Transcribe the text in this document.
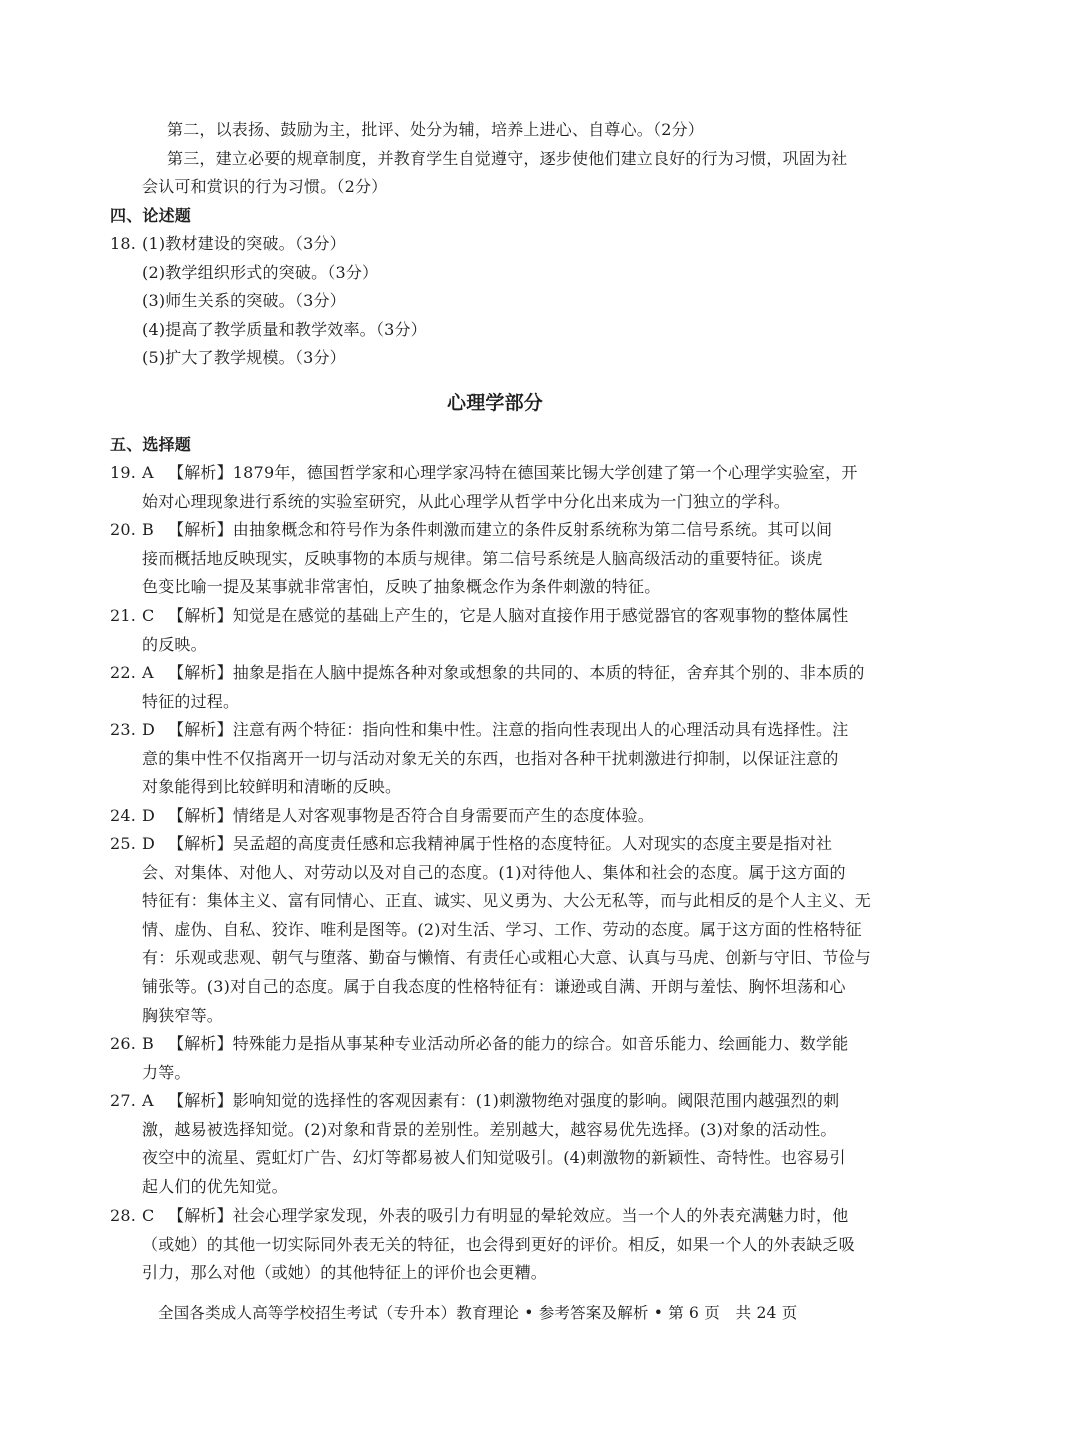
第二，以表扬、鼓励为主，批评、处分为辅，培养上进心、自尊心。（2分）
第三，建立必要的规章制度，并教育学生自觉遵守，逐步使他们建立良好的行为习惯，巩固为社
会认可和赏识的行为习惯。（2分）
四、论述题
18. (1)教材建设的突破。（3分）
(2)教学组织形式的突破。（3分）
(3)师生关系的突破。（3分）
(4)提高了教学质量和教学效率。（3分）
(5)扩大了教学规模。（3分）
心理学部分
五、选择题
19. A 【解析】1879年，德国哲学家和心理学家冯特在德国莱比锡大学创建了第一个心理学实验室，开
始对心理现象进行系统的实验室研究，从此心理学从哲学中分化出来成为一门独立的学科。
20. B 【解析】由抽象概念和符号作为条件刺激而建立的条件反射系统称为第二信号系统。其可以间
接而概括地反映现实，反映事物的本质与规律。第二信号系统是人脑高级活动的重要特征。谈虎
色变比喻一提及某事就非常害怕，反映了抽象概念作为条件刺激的特征。
21. C 【解析】知觉是在感觉的基础上产生的，它是人脑对直接作用于感觉器官的客观事物的整体属性
的反映。
22. A 【解析】抽象是指在人脑中提炼各种对象或想象的共同的、本质的特征，舍弃其个别的、非本质的
特征的过程。
23. D 【解析】注意有两个特征：指向性和集中性。注意的指向性表现出人的心理活动具有选择性。注
意的集中性不仅指离开一切与活动对象无关的东西，也指对各种干扰刺激进行抑制，以保证注意的
对象能得到比较鲜明和清晰的反映。
24. D 【解析】情绪是人对客观事物是否符合自身需要而产生的态度体验。
25. D 【解析】吴孟超的高度责任感和忘我精神属于性格的态度特征。人对现实的态度主要是指对社
会、对集体、对他人、对劳动以及对自己的态度。(1)对待他人、集体和社会的态度。属于这方面的
特征有：集体主义、富有同情心、正直、诚实、见义勇为、大公无私等，而与此相反的是个人主义、无
情、虚伪、自私、狡诈、唯利是图等。(2)对生活、学习、工作、劳动的态度。属于这方面的性格特征
有：乐观或悲观、朝气与堕落、勤奋与懒惰、有责任心或粗心大意、认真与马虎、创新与守旧、节俭与
铺张等。(3)对自己的态度。属于自我态度的性格特征有：谦逊或自满、开朗与羞怯、胸怀坦荡和心
胸狭窄等。
26. B 【解析】特殊能力是指从事某种专业活动所必备的能力的综合。如音乐能力、绘画能力、数学能
力等。
27. A 【解析】影响知觉的选择性的客观因素有：(1)刺激物绝对强度的影响。阈限范围内越强烈的刺
激，越易被选择知觉。(2)对象和背景的差别性。差别越大，越容易优先选择。(3)对象的活动性。
夜空中的流星、霓虹灯广告、幻灯等都易被人们知觉吸引。(4)刺激物的新颖性、奇特性。也容易引
起人们的优先知觉。
28. C 【解析】社会心理学家发现，外表的吸引力有明显的晕轮效应。当一个人的外表充满魅力时，他
（或她）的其他一切实际同外表无关的特征，也会得到更好的评价。相反，如果一个人的外表缺乏吸
引力，那么对他（或她）的其他特征上的评价也会更糟。
全国各类成人高等学校招生考试（专升本）教育理论 • 参考答案及解析 • 第 6 页　共 24 页
